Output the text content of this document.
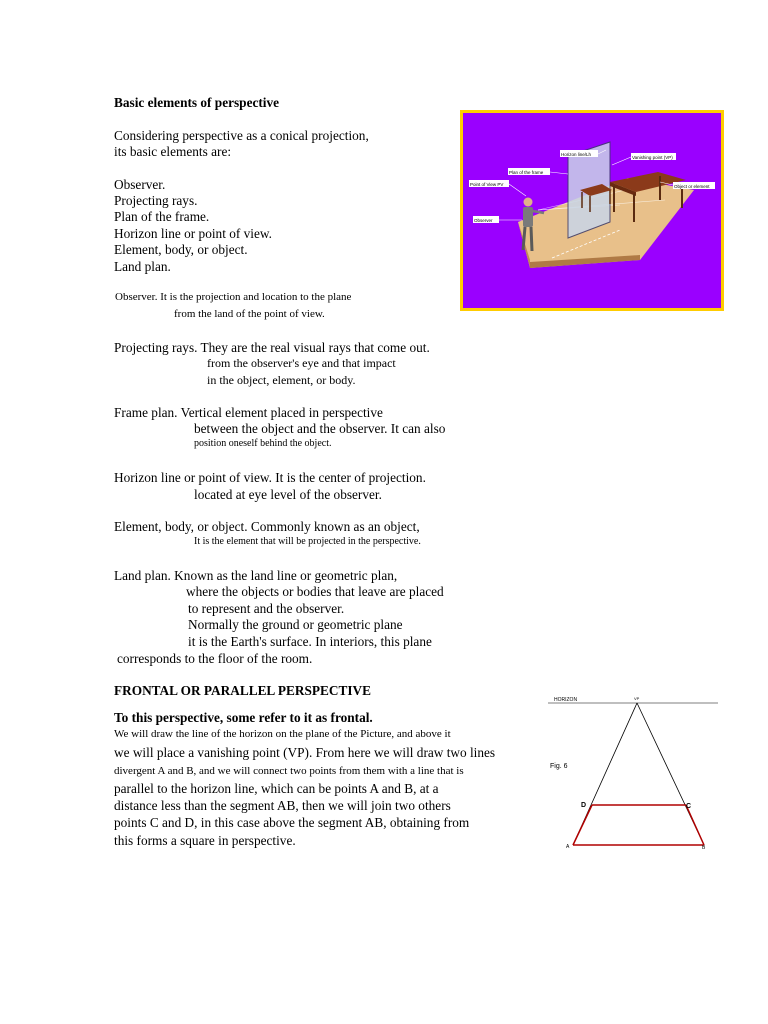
Basic elements of perspective
Considering perspective as a conical projection,
its basic elements are:
Observer.
Projecting rays.
Plan of the frame.
Horizon line or point of view.
Element, body, or object.
Land plan.
Observer. It is the projection and location to the plane
from the land of the point of view.
Projecting rays. They are the real visual rays that come out.
from the observer's eye and that impact
in the object, element, or body.
Frame plan. Vertical element placed in perspective
between the object and the observer. It can also
position oneself behind the object.
Horizon line or point of view. It is the center of projection.
located at eye level of the observer.
Element, body, or object. Commonly known as an object,
It is the element that will be projected in the perspective.
Land plan. Known as the land line or geometric plan,
where the objects or bodies that leave are placed
to represent and the observer.
Normally the ground or geometric plane
it is the Earth's surface. In interiors, this plane
corresponds to the floor of the room.
Horizon line/Lh
Vanishing point (VP)
Plan of the frame
Point of View PV	Object or element
Observer
FRONTAL OR PARALLEL PERSPECTIVE
To this perspective, some refer to it as frontal.
We will draw the line of the horizon on the plane of the Picture, and above it
we will place a vanishing point (VP). From here we will draw two lines
divergent A and B, and we will connect two points from them with a line that is
parallel to the horizon line, which can be points A and B, at a
distance less than the segment AB, then we will join two others
points C and D, in this case above the segment AB, obtaining from
this forms a square in perspective.
HORIZON	VP
Fig. 6
D	C
A	B
